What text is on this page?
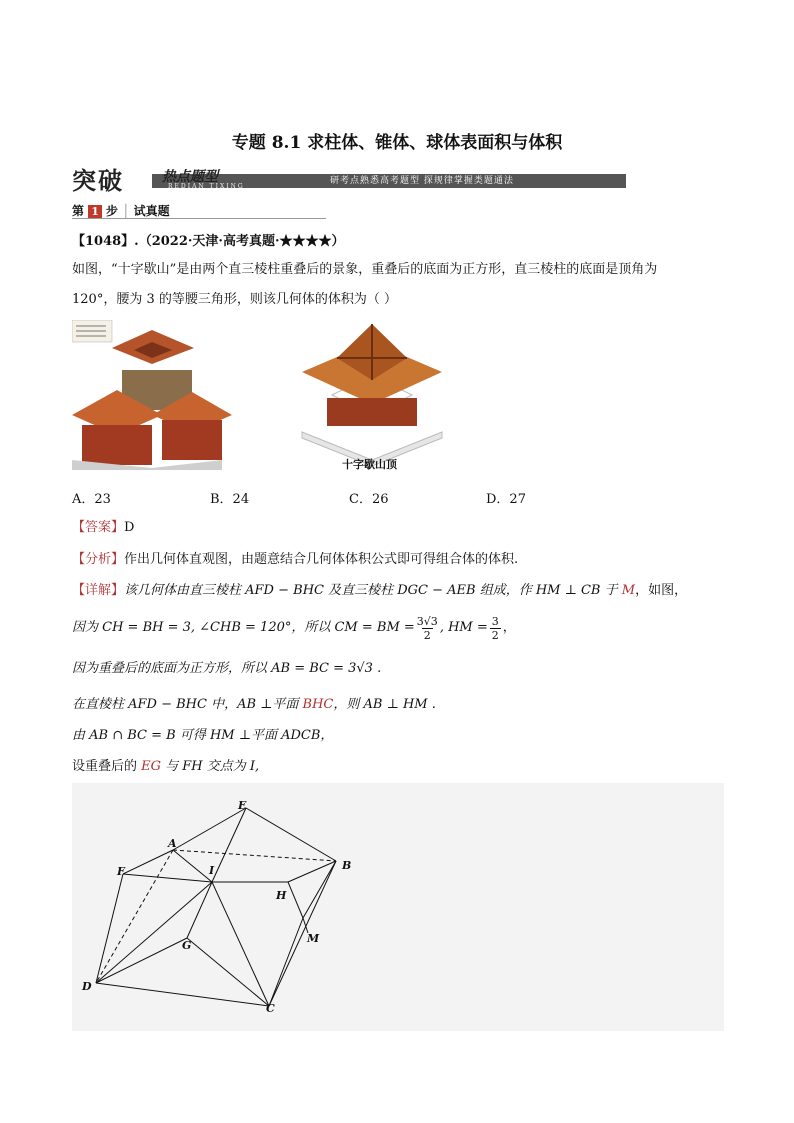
专题 8.1 求柱体、锥体、球体表面积与体积
突破	热点题型
REDIAN TIXING
研考点熟悉高考题型 探规律掌握类题通法
第 1 步 │ 试真题
【1048】.（2022·天津·高考真题·★★★★）
如图，“十字歇山”是由两个直三棱柱重叠后的景象，重叠后的底面为正方形，直三棱柱的底面是顶角为
120°，腰为 3 的等腰三角形，则该几何体的体积为（ ）
十字歇山顶
A．23	B．24	C．26	D．27
【答案】D
【分析】作出几何体直观图，由题意结合几何体体积公式即可得组合体的体积.
【详解】该几何体由直三棱柱 AFD − BHC 及直三棱柱 DGC − AEB 组成，作 HM ⊥ CB 于 M，如图，
因为 CH = BH = 3, ∠CHB = 120°，所以 CM = BM = $\frac{3√3}{2}$ , HM = $\frac{3}{2}$ ，
因为重叠后的底面为正方形，所以 AB = BC = 3√3 .
在直棱柱 AFD − BHC 中，AB ⊥平面 BHC，则 AB ⊥ HM .
由 AB ∩ BC = B 可得 HM ⊥平面 ADCB，
设重叠后的 EG 与 FH 交点为 I,
E
A
B
F	I
H
M
G
D
C
